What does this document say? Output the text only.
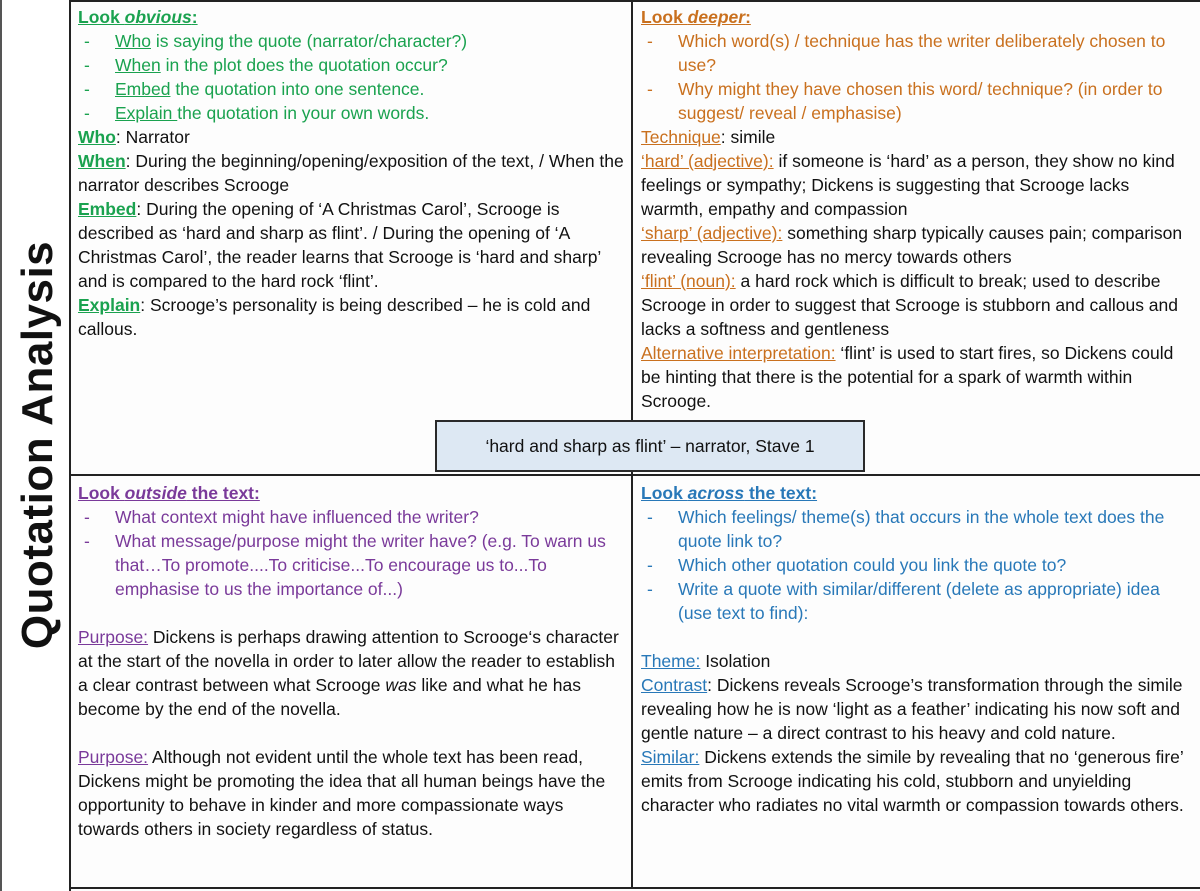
Quotation Analysis

Look obvious:

- Who is saying the quote (narrator/character?)
- When in the plot does the quotation occur?
- Embed the quotation into one sentence.
- Explain the quotation in your own words.

Who: Narrator

When: During the beginning/opening/exposition of the text, / When the narrator describes Scrooge

Embed: During the opening of ‘A Christmas Carol’, Scrooge is described as ‘hard and sharp as flint’. / During the opening of ‘A Christmas Carol’, the reader learns that Scrooge is ‘hard and sharp’ and is compared to the hard rock ‘flint’.

Explain: Scrooge’s personality is being described – he is cold and callous.

Look deeper:

- Which word(s) / technique has the writer deliberately chosen to use?
- Why might they have chosen this word/ technique? (in order to suggest/ reveal / emphasise)

Technique: simile

‘hard’ (adjective): if someone is ‘hard’ as a person, they show no kind feelings or sympathy; Dickens is suggesting that Scrooge lacks warmth, empathy and compassion

‘sharp’ (adjective): something sharp typically causes pain; comparison revealing Scrooge has no mercy towards others

‘flint’ (noun): a hard rock which is difficult to break; used to describe Scrooge in order to suggest that Scrooge is stubborn and callous and lacks a softness and gentleness

Alternative interpretation: ‘flint’ is used to start fires, so Dickens could be hinting that there is the potential for a spark of warmth within Scrooge.

Look outside the text:

- What context might have influenced the writer?
- What message/purpose might the writer have? (e.g. To warn us that…To promote....To criticise...To encourage us to...To emphasise to us the importance of...)

Purpose: Dickens is perhaps drawing attention to Scrooge‘s character at the start of the novella in order to later allow the reader to establish a clear contrast between what Scrooge was like and what he has become by the end of the novella.

Purpose: Although not evident until the whole text has been read, Dickens might be promoting the idea that all human beings have the opportunity to behave in kinder and more compassionate ways towards others in society regardless of status.

Look across the text:

- Which feelings/ theme(s) that occurs in the whole text does the quote link to?
- Which other quotation could you link the quote to?
- Write a quote with similar/different (delete as appropriate) idea (use text to find):

Theme: Isolation

Contrast: Dickens reveals Scrooge’s transformation through the simile revealing how he is now ‘light as a feather’ indicating his now soft and gentle nature – a direct contrast to his heavy and cold nature.

Similar: Dickens extends the simile by revealing that no ‘generous fire’ emits from Scrooge indicating his cold, stubborn and unyielding character who radiates no vital warmth or compassion towards others.

‘hard and sharp as flint’ – narrator, Stave 1
